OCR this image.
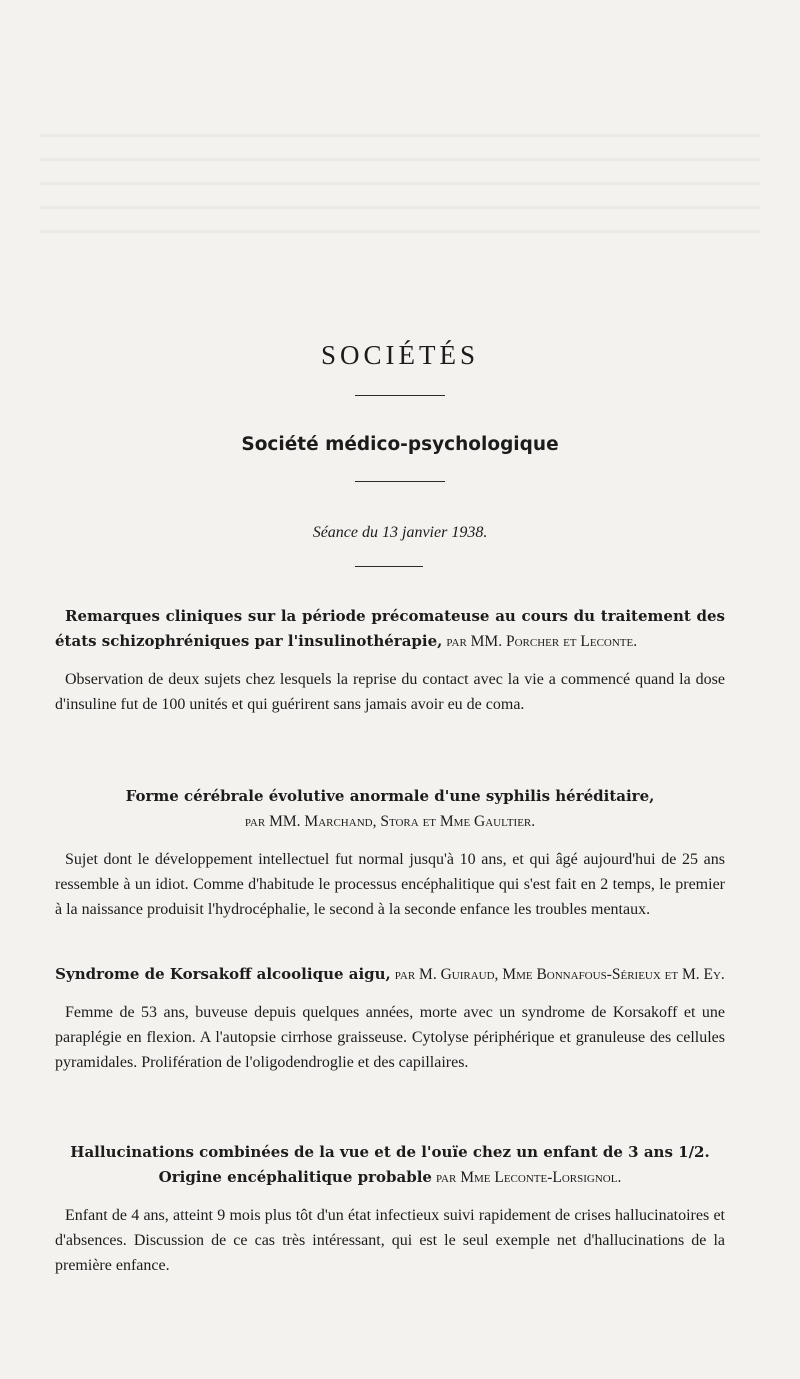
SOCIÉTÉS
Société médico-psychologique
Séance du 13 janvier 1938.

Remarques cliniques sur la période précomateuse au cours du traitement des états schizophréniques par l'insulinothérapie, par MM. Porcher et Leconte.

Observation de deux sujets chez lesquels la reprise du contact avec la vie a commencé quand la dose d'insuline fut de 100 unités et qui guérirent sans jamais avoir eu de coma.

Forme cérébrale évolutive anormale d'une syphilis héréditaire,
par MM. Marchand, Stora et Mme Gaultier.

Sujet dont le développement intellectuel fut normal jusqu'à 10 ans, et qui âgé aujourd'hui de 25 ans ressemble à un idiot. Comme d'habitude le processus encéphalitique qui s'est fait en 2 temps, le premier à la naissance produisit l'hydrocéphalie, le second à la seconde enfance les troubles mentaux.

Syndrome de Korsakoff alcoolique aigu, par M. Guiraud, Mme Bonnafous-Sérieux et M. Ey.

Femme de 53 ans, buveuse depuis quelques années, morte avec un syndrome de Korsakoff et une paraplégie en flexion. A l'autopsie cirrhose graisseuse. Cytolyse périphérique et granuleuse des cellules pyramidales. Prolifération de l'oligodendroglie et des capillaires.

Hallucinations combinées de la vue et de l'ouïe chez un enfant de 3 ans 1/2. Origine encéphalitique probable par Mme Leconte-Lorsignol.

Enfant de 4 ans, atteint 9 mois plus tôt d'un état infectieux suivi rapidement de crises hallucinatoires et d'absences. Discussion de ce cas très intéressant, qui est le seul exemple net d'hallucinations de la première enfance.
